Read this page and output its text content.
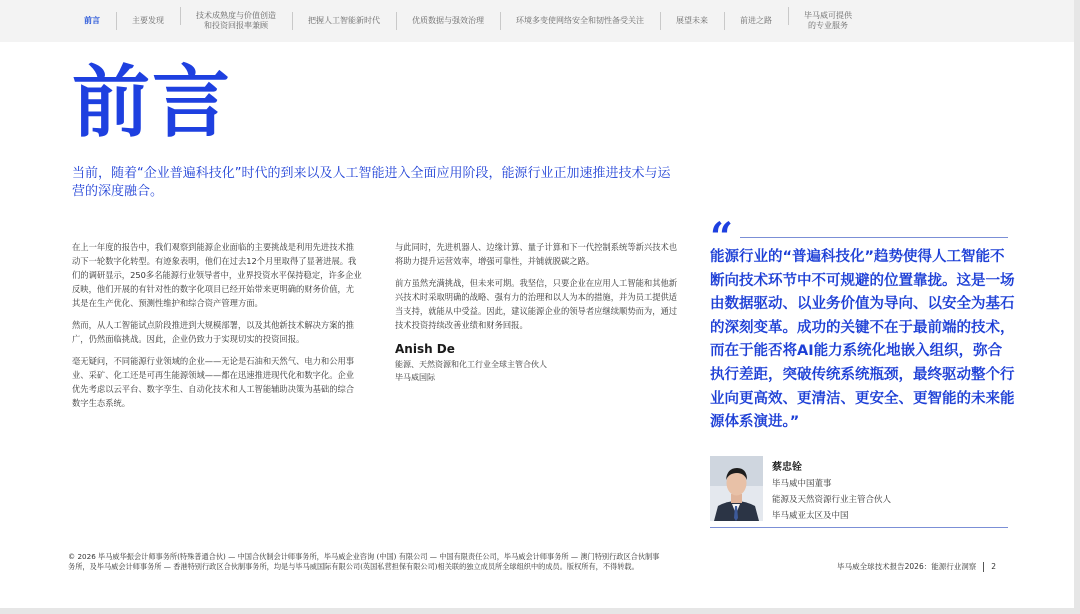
前言	主要发现
技术成熟度与价值创造
和投资回报率兼顾
把握人工智能新时代	优质数据与强效治理	环境多变使网络安全和韧性备受关注	展望未来	前进之路
毕马威可提供
的专业服务
前言

当前，随着“企业普遍科技化”时代的到来以及人工智能进入全面应用阶段，能源行业正加速推进技术与运营的深度融合。

在上一年度的报告中，我们观察到能源企业面临的主要挑战是利用先进技术推动下一轮数字化转型。有迹象表明，他们在过去12个月里取得了显著进展。我们的调研显示，250多名能源行业领导者中，业界投资水平保持稳定，许多企业反映，他们开展的有针对性的数字化项目已经开始带来更明确的财务价值，尤其是在生产优化、预测性维护和综合资产管理方面。

然而，从人工智能试点阶段推进到大规模部署，以及其他新技术解决方案的推广，仍然面临挑战。因此，企业仍致力于实现切实的投资回报。

毫无疑问，不同能源行业领域的企业——无论是石油和天然气、电力和公用事业、采矿、化工还是可再生能源领域——都在迅速推进现代化和数字化。企业优先考虑以云平台、数字孪生、自动化技术和人工智能辅助决策为基础的综合数字生态系统。

与此同时，先进机器人、边缘计算、量子计算和下一代控制系统等新兴技术也将助力提升运营效率，增强可靠性，并铺就脱碳之路。

前方虽然充满挑战，但未来可期。我坚信，只要企业在应用人工智能和其他新兴技术时采取明确的战略、强有力的治理和以人为本的措施，并为员工提供适当支持，就能从中受益。因此，建议能源企业的领导者应继续顺势而为，通过技术投资持续改善业绩和财务回报。

Anish De
能源、天然资源和化工行业全球主管合伙人
毕马威国际
“

能源行业的“普遍科技化”趋势使得人工智能不断向技术环节中不可规避的位置靠拢。这是一场由数据驱动、以业务价值为导向、以安全为基石的深刻变革。成功的关键不在于最前端的技术，而在于能否将AI能力系统化地嵌入组织，弥合执行差距，突破传统系统瓶颈，最终驱动整个行业向更高效、更清洁、更安全、更智能的未来能源体系演进。”

蔡忠铨
毕马威中国董事
能源及天然资源行业主管合伙人
毕马威亚太区及中国

© 2026 毕马威华振会计师事务所(特殊普通合伙) — 中国合伙制会计师事务所，毕马威企业咨询 (中国) 有限公司 — 中国有限责任公司，毕马威会计师事务所 — 澳门特别行政区合伙制事务所，及毕马威会计师事务所 — 香港特别行政区合伙制事务所，均是与毕马威国际有限公司(英国私营担保有限公司)相关联的独立成员所全球组织中的成员。版权所有，不得转载。	毕马威全球技术报告2026：能源行业洞察 2
